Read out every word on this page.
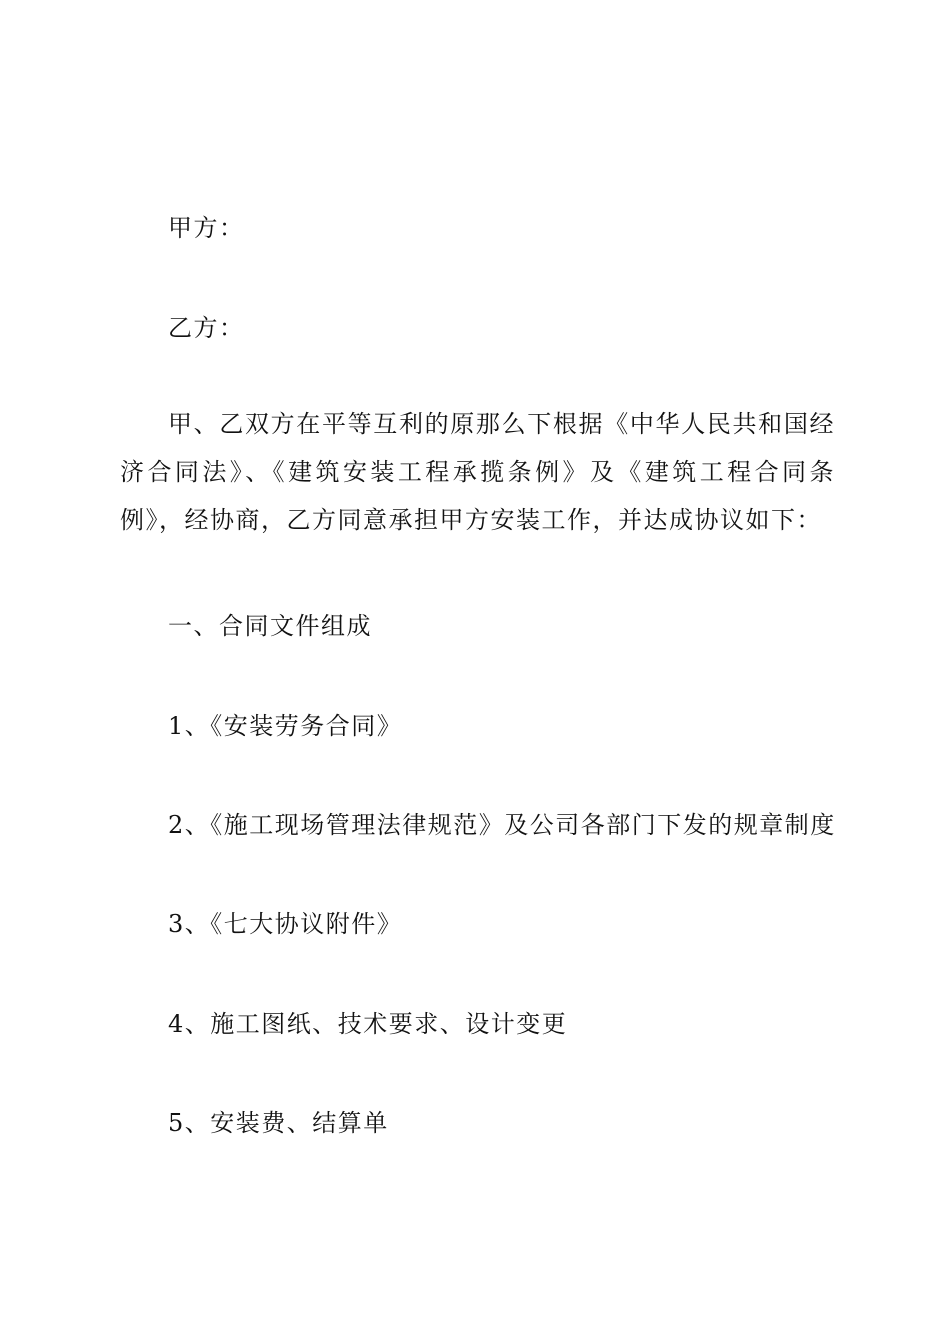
甲方：
乙方：
甲、乙双方在平等互利的原那么下根据《中华人民共和国经济合同法》、《建筑安装工程承揽条例》及《建筑工程合同条例》，经协商，乙方同意承担甲方安装工作，并达成协议如下：
一、合同文件组成
1、《安装劳务合同》
2、《施工现场管理法律规范》及公司各部门下发的规章制度
3、《七大协议附件》
4、施工图纸、技术要求、设计变更
5、安装费、结算单
